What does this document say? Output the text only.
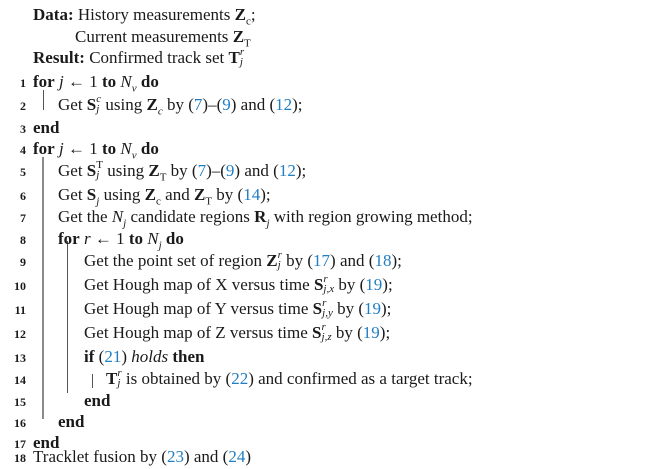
Data: History measurements $Z_c$;
Current measurements $Z_T$
Result: Confirmed track set T r
j
1 for j ← 1 to $N_v$ do
2 Get S c
j using $Z_c$ by (7)–(9) and (12);
3 end
4 for j ← 1 to $N_v$ do
5 Get S T
j using $Z_T$ by (7)–(9) and (12);
6 Get $S_j$ using $Z_c$ and $Z_T$ by (14);
7 Get the $N_j$ candidate regions $R_j$ with region growing method;
8 for r ← 1 to $N_j$ do
9	Get the point set of region Z r
j by (17) and (18);
10	Get Hough map of X versus time S r
j,x by (19);
11	Get Hough map of Y versus time S r
j,y by (19);
12	Get Hough map of Z versus time S r
j,z by (19);
13	if (21) holds then
14	T r
j is obtained by (22) and confirmed as a target track;
15	end
16 end
17 end
18 Tracklet fusion by (23) and (24)
